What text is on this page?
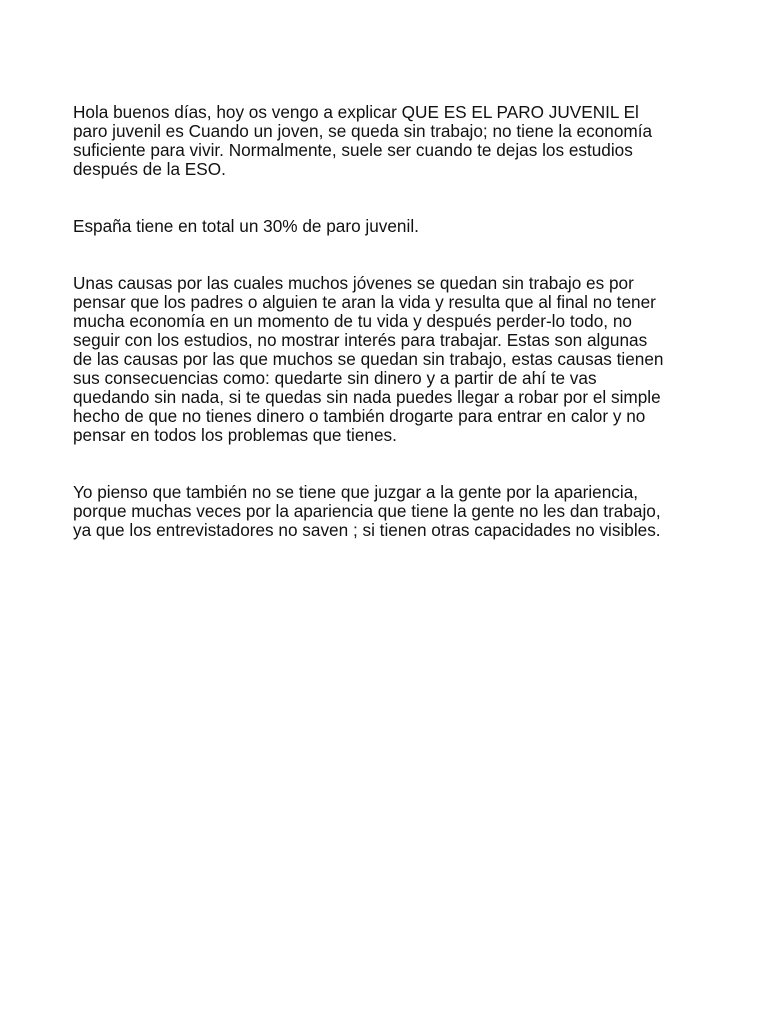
Hola buenos días, hoy os vengo a explicar QUE ES EL PARO JUVENIL El
paro juvenil es Cuando un joven, se queda sin trabajo; no tiene la economía
suficiente para vivir. Normalmente, suele ser cuando te dejas los estudios
después de la ESO.

España tiene en total un 30% de paro juvenil.

Unas causas por las cuales muchos jóvenes se quedan sin trabajo es por
pensar que los padres o alguien te aran la vida y resulta que al final no tener
mucha economía en un momento de tu vida y después perder-lo todo, no
seguir con los estudios, no mostrar interés para trabajar. Estas son algunas
de las causas por las que muchos se quedan sin trabajo, estas causas tienen
sus consecuencias como: quedarte sin dinero y a partir de ahí te vas
quedando sin nada, si te quedas sin nada puedes llegar a robar por el simple
hecho de que no tienes dinero o también drogarte para entrar en calor y no
pensar en todos los problemas que tienes.

Yo pienso que también no se tiene que juzgar a la gente por la apariencia,
porque muchas veces por la apariencia que tiene la gente no les dan trabajo,
ya que los entrevistadores no saven ; si tienen otras capacidades no visibles.
